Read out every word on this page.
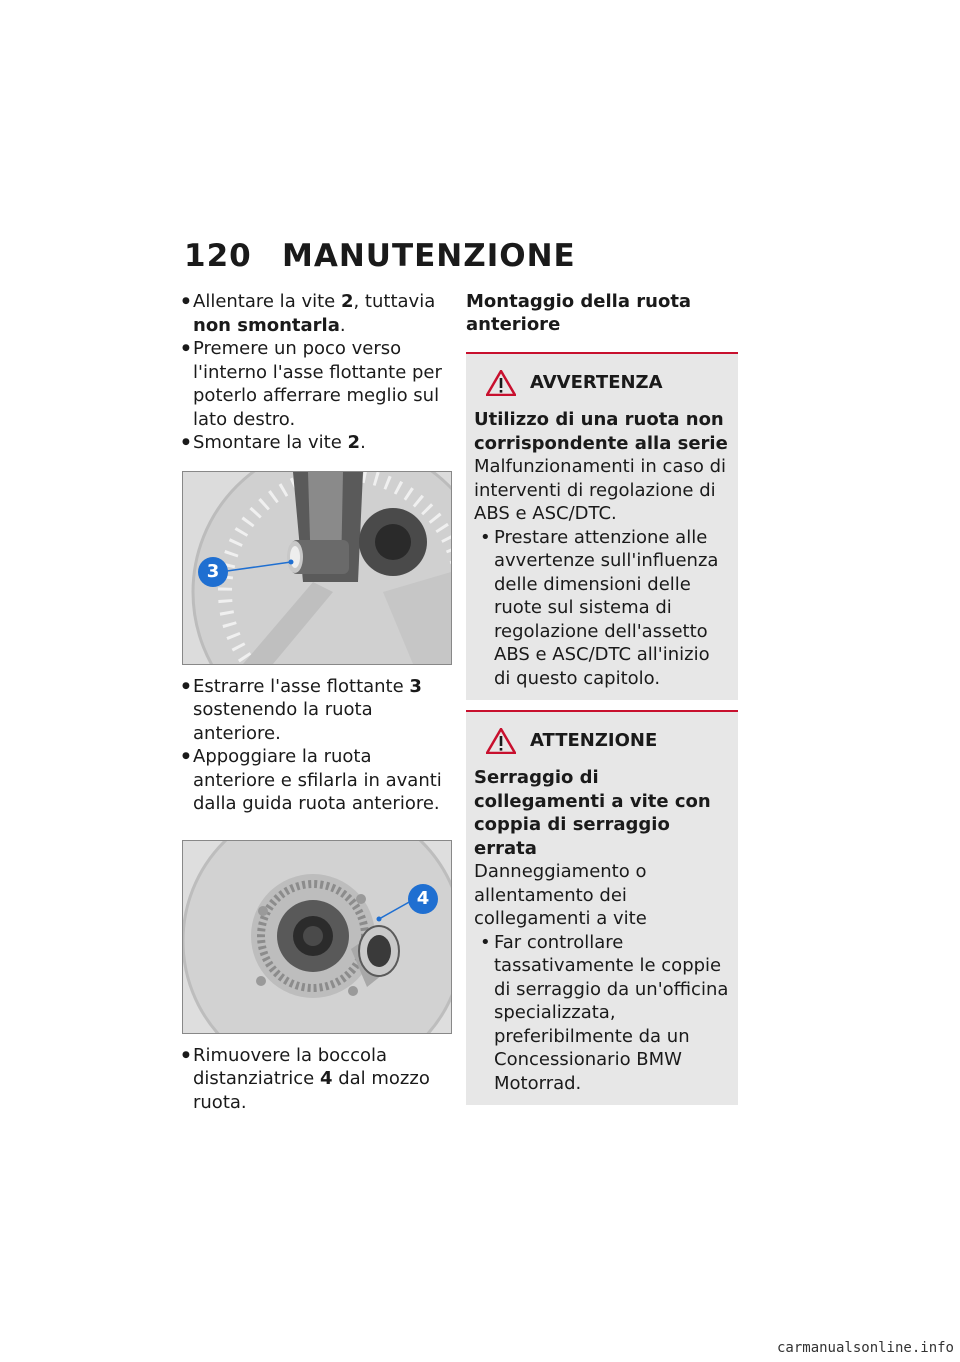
120 MANUTENZIONE
● Allentare la vite 2, tuttavia non smontarla.
● Premere un poco verso l'interno l'asse flottante per poterlo afferrare meglio sul lato destro.
● Smontare la vite 2.
3
● Estrarre l'asse flottante 3 sostenendo la ruota anteriore.
● Appoggiare la ruota anteriore e sfilarla in avanti dalla guida ruota anteriore.
4
● Rimuovere la boccola distanziatrice 4 dal mozzo ruota.
Montaggio della ruota anteriore
AVVERTENZA
Utilizzo di una ruota non corrispondente alla serie
Malfunzionamenti in caso di interventi di regolazione di ABS e ASC/DTC.
• Prestare attenzione alle avvertenze sull'influenza delle dimensioni delle ruote sul sistema di regolazione dell'assetto ABS e ASC/DTC all'inizio di questo capitolo.
ATTENZIONE
Serraggio di collegamenti a vite con coppia di serraggio errata
Danneggiamento o allentamento dei collegamenti a vite
• Far controllare tassativamente le coppie di serraggio da un'officina specializzata, preferibilmente da un Concessionario BMW Motorrad.
carmanualsonline.info
